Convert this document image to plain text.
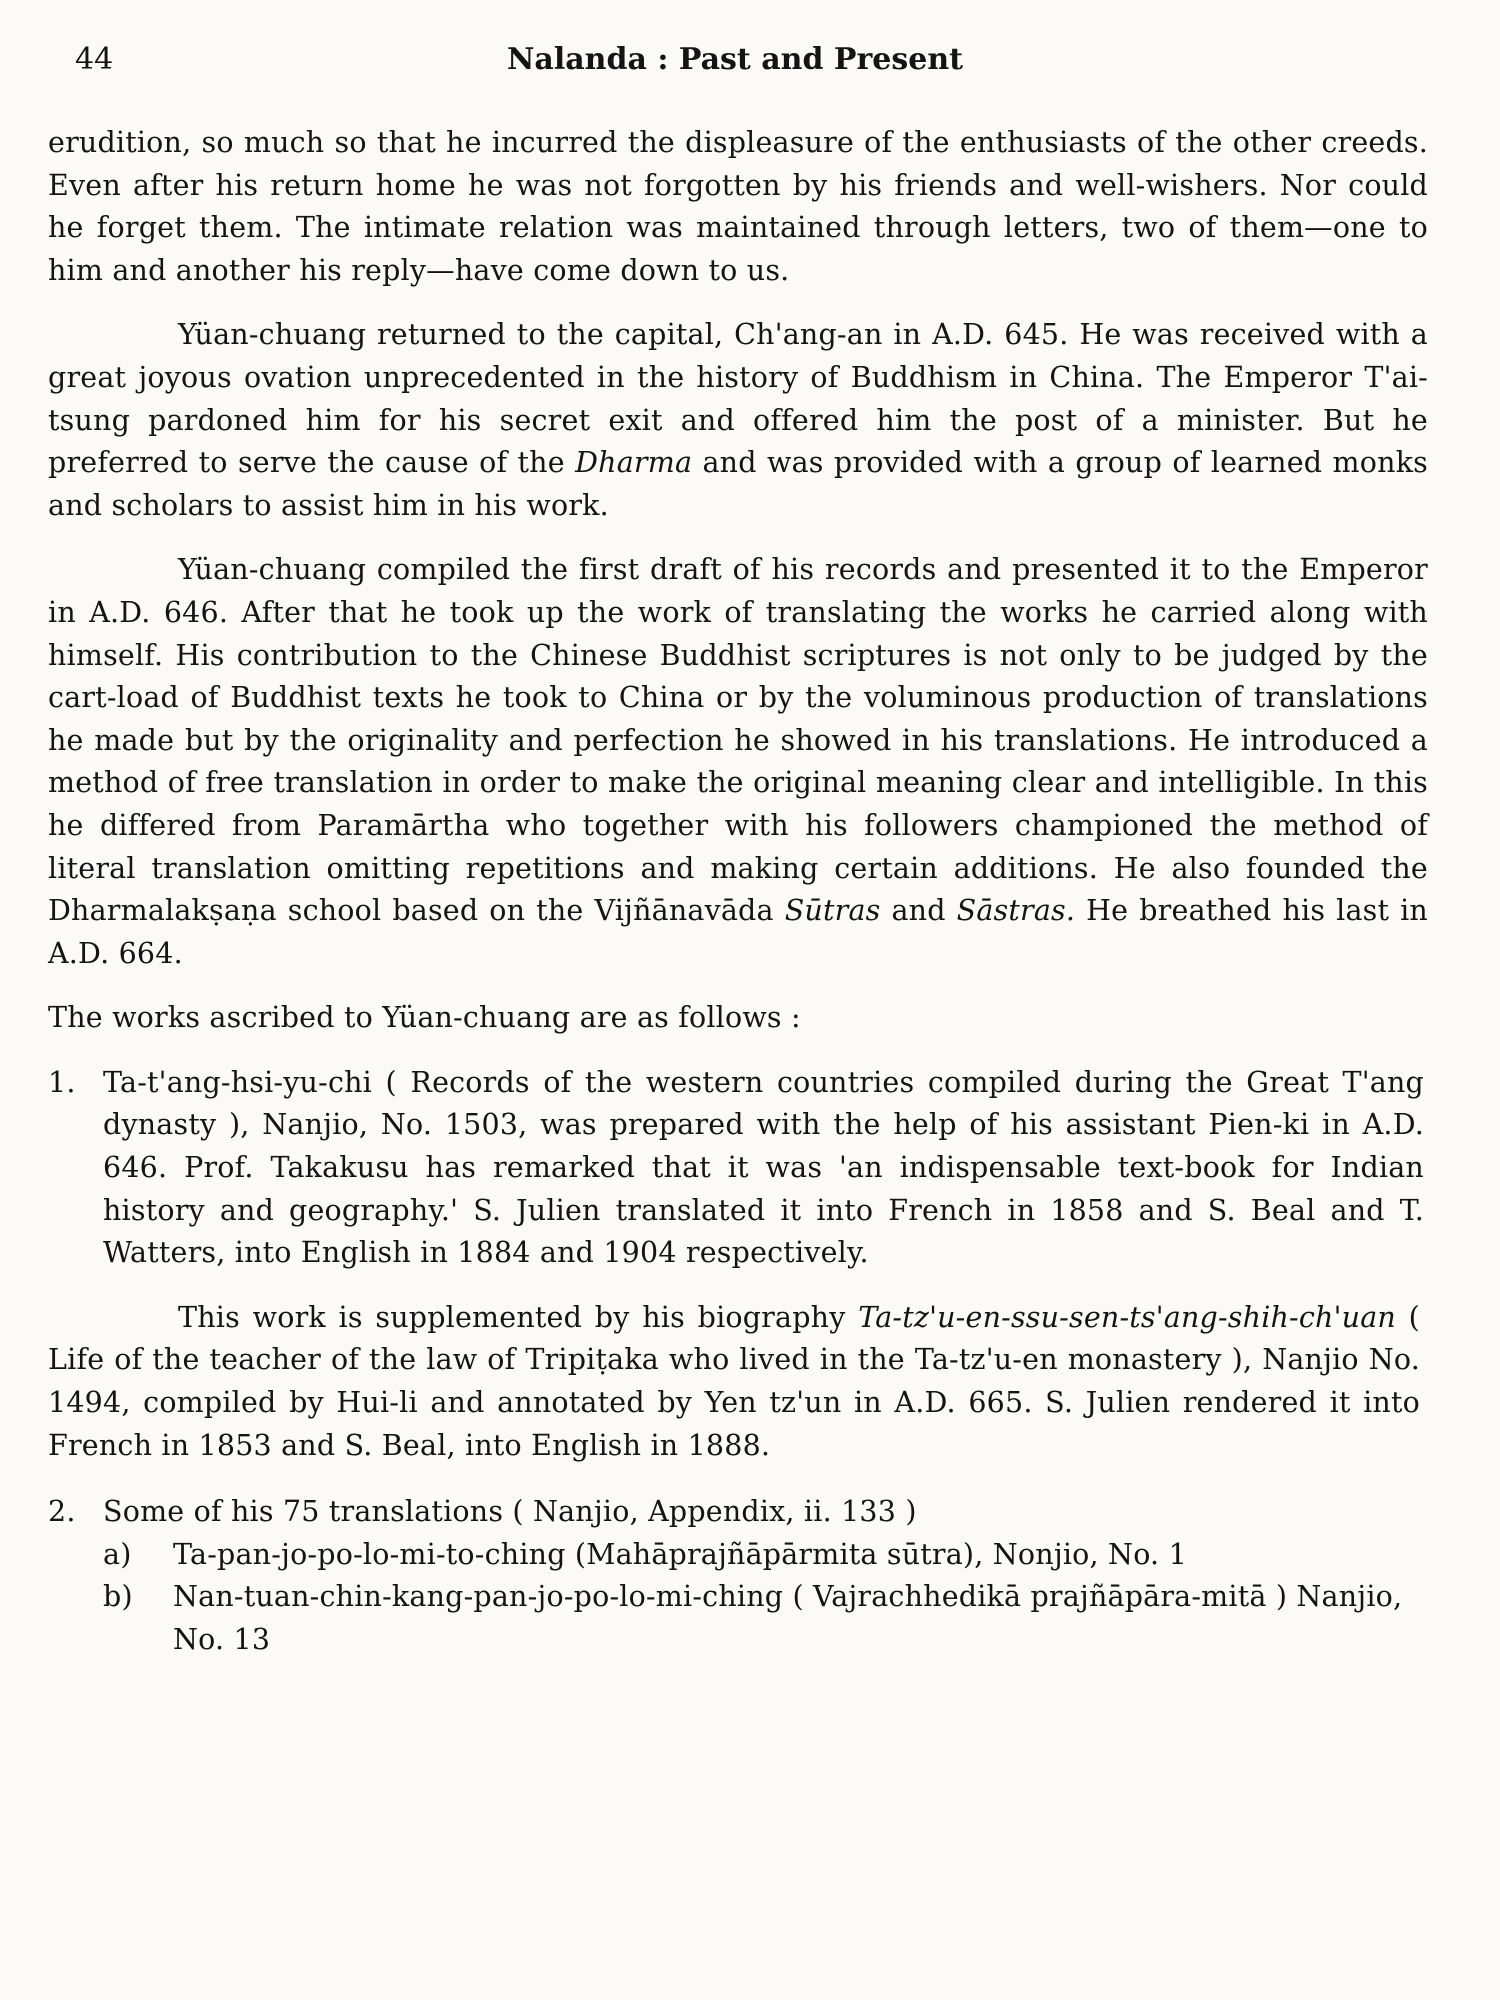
44	Nalanda : Past and Present

erudition, so much so that he incurred the displeasure of the enthusiasts of the other creeds. Even after his return home he was not forgotten by his friends and well-wishers. Nor could he forget them. The intimate relation was maintained through letters, two of them—one to him and another his reply—have come down to us.

Yüan-chuang returned to the capital, Ch'ang-an in A.D. 645. He was received with a great joyous ovation unprecedented in the history of Buddhism in China. The Emperor T'ai-tsung pardoned him for his secret exit and offered him the post of a minister. But he preferred to serve the cause of the Dharma and was provided with a group of learned monks and scholars to assist him in his work.

Yüan-chuang compiled the first draft of his records and presented it to the Emperor in A.D. 646. After that he took up the work of translating the works he carried along with himself. His contribution to the Chinese Buddhist scriptures is not only to be judged by the cart-load of Buddhist texts he took to China or by the voluminous production of translations he made but by the originality and perfection he showed in his translations. He introduced a method of free translation in order to make the original meaning clear and intelligible. In this he differed from Paramārtha who together with his followers championed the method of literal translation omitting repetitions and making certain additions. He also founded the Dharmalakṣaṇa school based on the Vijñānavāda Sūtras and Sāstras. He breathed his last in A.D. 664.

The works ascribed to Yüan-chuang are as follows :

1. Ta-t'ang-hsi-yu-chi ( Records of the western countries compiled during the Great T'ang dynasty ), Nanjio, No. 1503, was prepared with the help of his assistant Pien-ki in A.D. 646. Prof. Takakusu has remarked that it was 'an indispensable text-book for Indian history and geography.' S. Julien translated it into French in 1858 and S. Beal and T. Watters, into English in 1884 and 1904 respectively.

This work is supplemented by his biography Ta-tz'u-en-ssu-sen-ts'ang-shih-ch'uan ( Life of the teacher of the law of Tripiṭaka who lived in the Ta-tz'u-en monastery ), Nanjio No. 1494, compiled by Hui-li and annotated by Yen tz'un in A.D. 665. S. Julien rendered it into French in 1853 and S. Beal, into English in 1888.

2. Some of his 75 translations ( Nanjio, Appendix, ii. 133 )
a)	Ta-pan-jo-po-lo-mi-to-ching (Mahāprajñāpārmita sūtra), Nonjio, No. 1
b)	Nan-tuan-chin-kang-pan-jo-po-lo-mi-ching ( Vajrachhedikā prajñāpāra-mitā ) Nanjio, No. 13
